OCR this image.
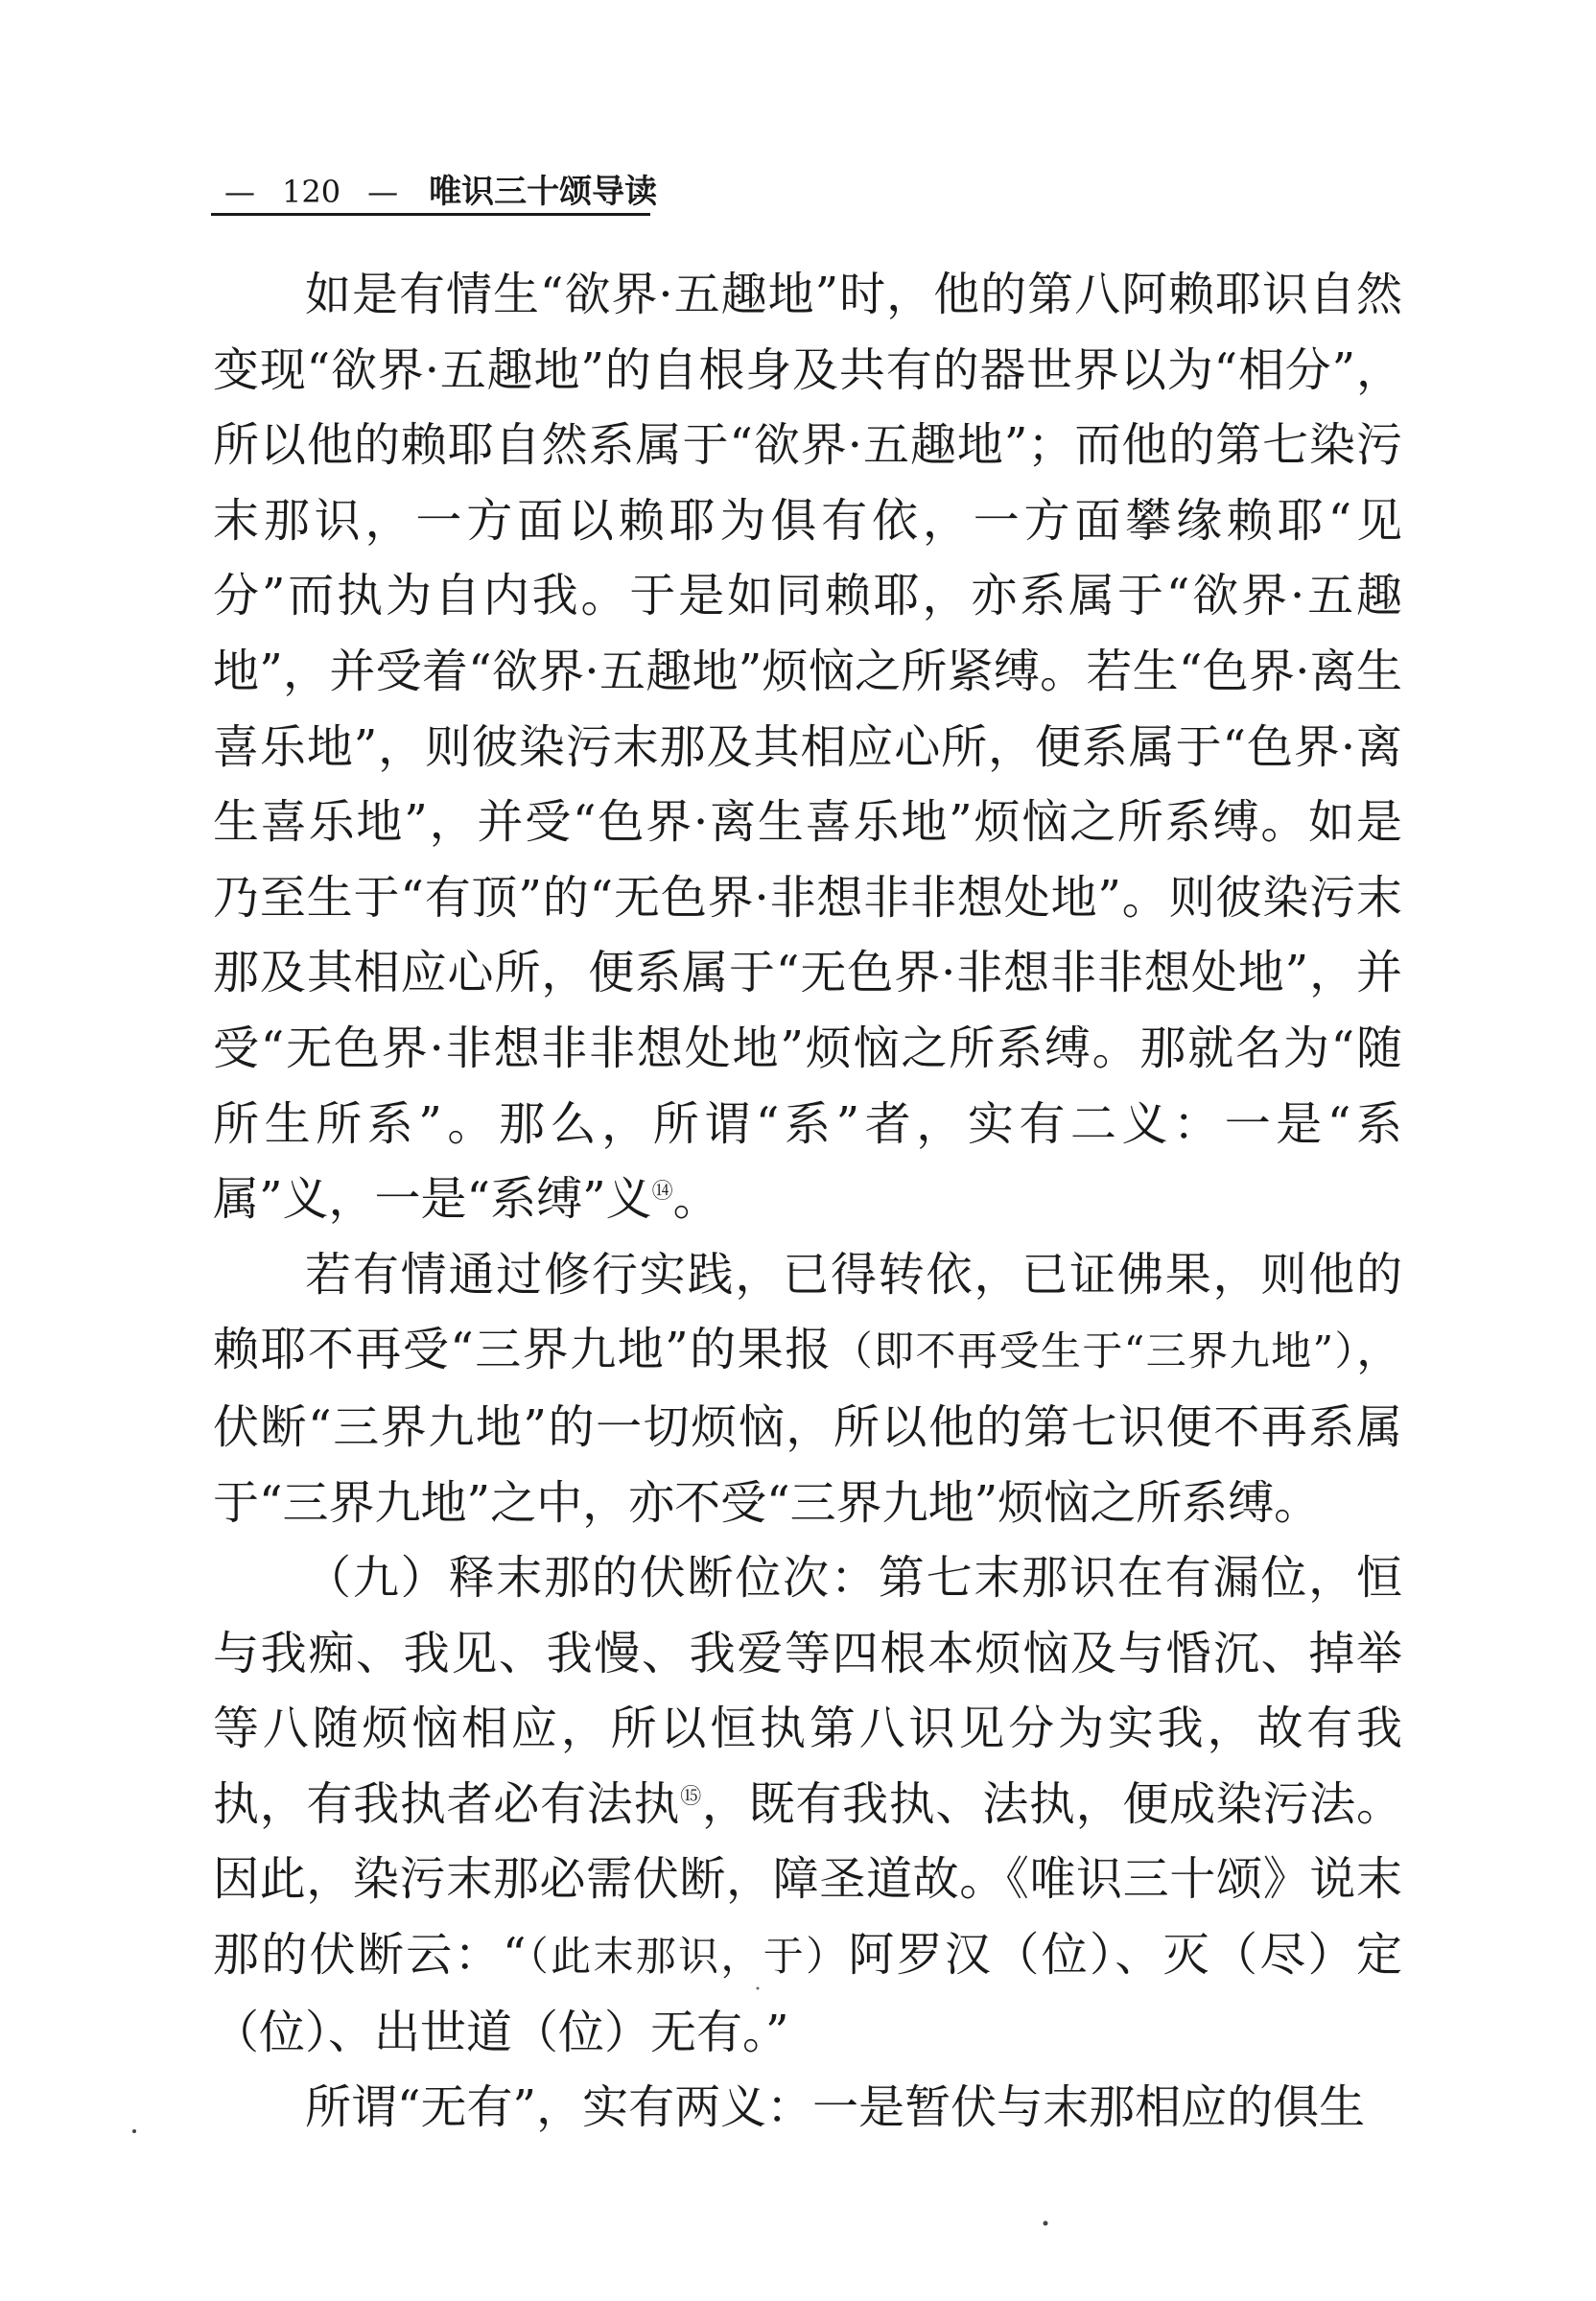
— 120 — 唯识三十颂导读

如是有情生“欲界·五趣地”时，他的第八阿赖耶识自然变现“欲界·五趣地”的自根身及共有的器世界以为“相分”，所以他的赖耶自然系属于“欲界·五趣地”；而他的第七染污末那识，一方面以赖耶为俱有依，一方面攀缘赖耶“见分”而执为自内我。于是如同赖耶，亦系属于“欲界·五趣地”，并受着“欲界·五趣地”烦恼之所紧缚。若生“色界·离生喜乐地”，则彼染污末那及其相应心所，便系属于“色界·离生喜乐地”，并受“色界·离生喜乐地”烦恼之所系缚。如是乃至生于“有顶”的“无色界·非想非非想处地”。则彼染污末那及其相应心所，便系属于“无色界·非想非非想处地”，并受“无色界·非想非非想处地”烦恼之所系缚。那就名为“随所生所系”。那么，所谓“系”者，实有二义：一是“系属”义，一是“系缚”义⑭。

若有情通过修行实践，已得转依，已证佛果，则他的赖耶不再受“三界九地”的果报（即不再受生于“三界九地”），伏断“三界九地”的一切烦恼，所以他的第七识便不再系属于“三界九地”之中，亦不受“三界九地”烦恼之所系缚。

（九）释末那的伏断位次：第七末那识在有漏位，恒与我痴、我见、我慢、我爱等四根本烦恼及与惛沉、掉举等八随烦恼相应，所以恒执第八识见分为实我，故有我执，有我执者必有法执⑮，既有我执、法执，便成染污法。因此，染污末那必需伏断，障圣道故。《唯识三十颂》说末那的伏断云：“（此末那识，于）阿罗汉（位）、灭（尽）定（位）、出世道（位）无有。”

所谓“无有”，实有两义：一是暂伏与末那相应的俱生
